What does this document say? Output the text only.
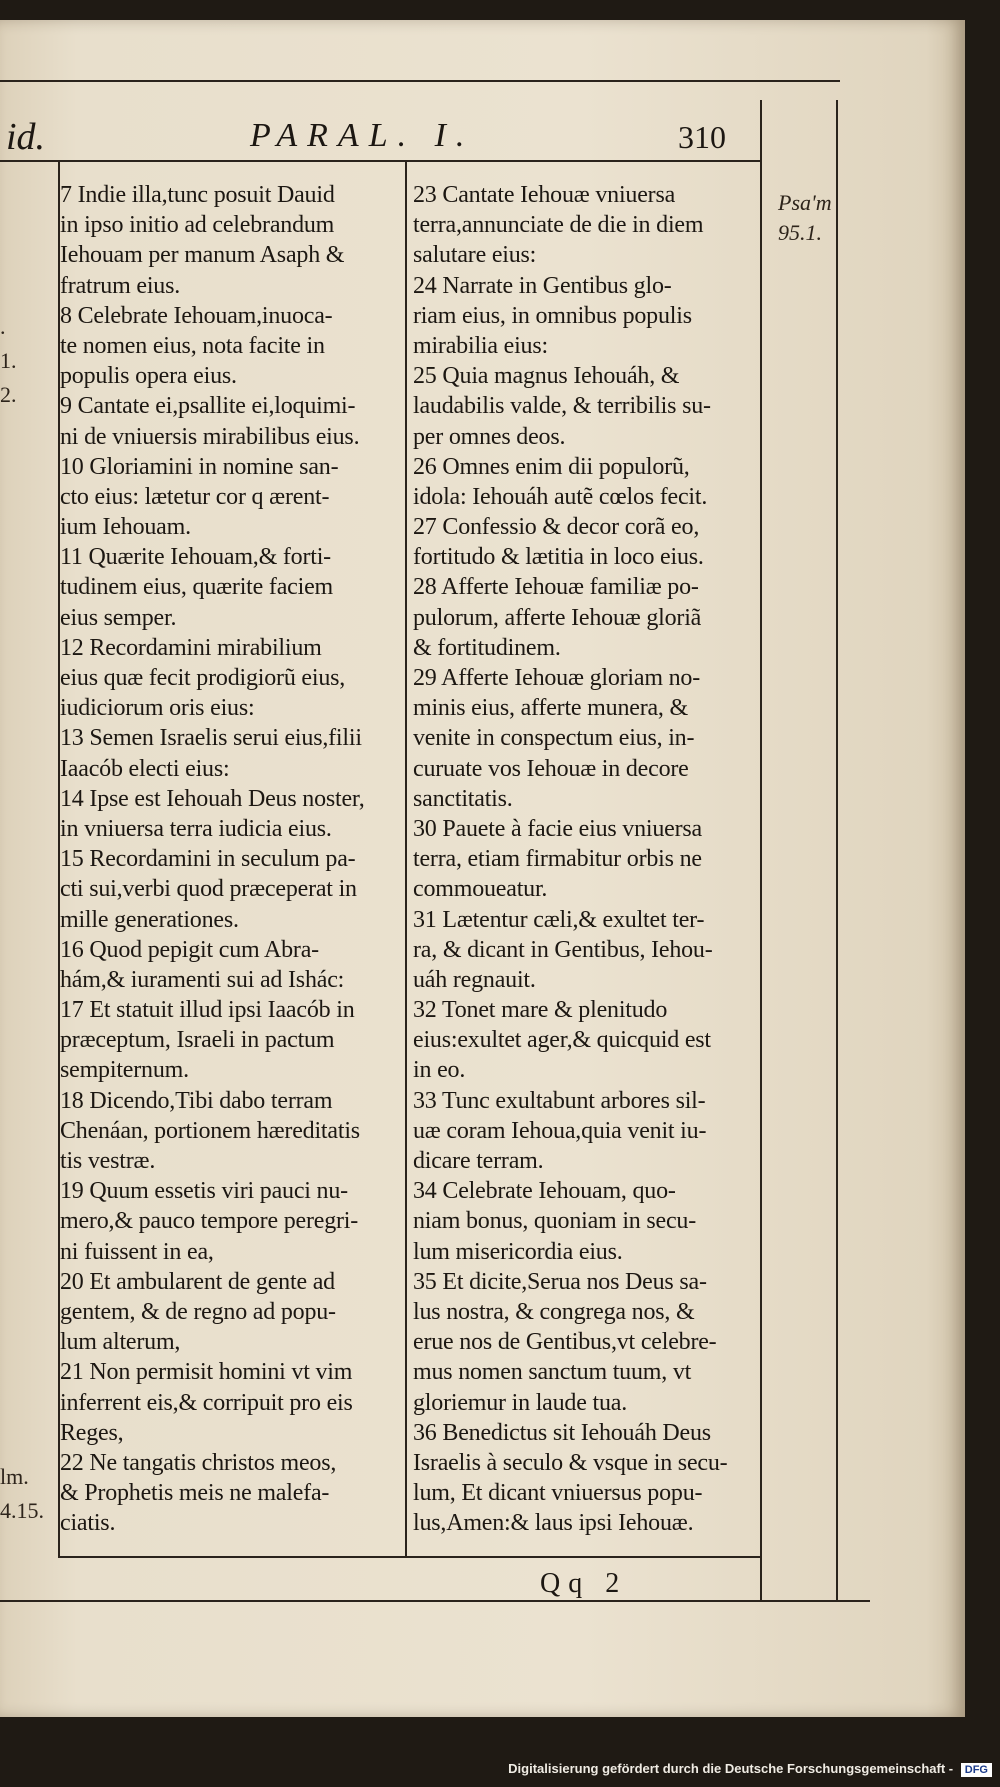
id.	PARAL. I.	310
7 Indie illa,tunc posuit Dauid
in ipso initio ad celebrandum
Iehouam per manum Asaph &
fratrum eius.
8 Celebrate Iehouam,inuoca-
te nomen eius, nota facite in
populis opera eius.
9 Cantate ei,psallite ei,loquimi-
ni de vniuersis mirabilibus eius.
10 Gloriamini in nomine san-
cto eius: lætetur cor q ærent-
ium Iehouam.
11 Quærite Iehouam,& forti-
tudinem eius, quærite faciem
eius semper.
12 Recordamini mirabilium
eius quæ fecit prodigiorũ eius,
iudiciorum oris eius:
13 Semen Israelis serui eius,filii
Iaacób electi eius:
14 Ipse est Iehouah Deus noster,
in vniuersa terra iudicia eius.
15 Recordamini in seculum pa-
cti sui,verbi quod præceperat in
mille generationes.
16 Quod pepigit cum Abra-
hám,& iuramenti sui ad Ishác:
17 Et statuit illud ipsi Iaacób in
præceptum, Israeli in pactum
sempiternum.
18 Dicendo,Tibi dabo terram
Chenáan, portionem hæreditatis
tis vestræ.
19 Quum essetis viri pauci nu-
mero,& pauco tempore peregri-
ni fuissent in ea,
20 Et ambularent de gente ad
gentem, & de regno ad popu-
lum alterum,
21 Non permisit homini vt vim
inferrent eis,& corripuit pro eis
Reges,
22 Ne tangatis christos meos,
& Prophetis meis ne malefa-
ciatis.
23 Cantate Iehouæ vniuersa
terra,annunciate de die in diem
salutare eius:
24 Narrate in Gentibus glo-
riam eius, in omnibus populis
mirabilia eius:
25 Quia magnus Iehouáh, &
laudabilis valde, & terribilis su-
per omnes deos.
26 Omnes enim dii populorũ,
idola: Iehouáh autẽ cœlos fecit.
27 Confessio & decor corã eo,
fortitudo & lætitia in loco eius.
28 Afferte Iehouæ familiæ po-
pulorum, afferte Iehouæ gloriã
& fortitudinem.
29 Afferte Iehouæ gloriam no-
minis eius, afferte munera, &
venite in conspectum eius, in-
curuate vos Iehouæ in decore
sanctitatis.
30 Pauete à facie eius vniuersa
terra, etiam firmabitur orbis ne
commoueatur.
31 Lætentur cæli,& exultet ter-
ra, & dicant in Gentibus, Iehou-
uáh regnauit.
32 Tonet mare & plenitudo
eius:exultet ager,& quicquid est
in eo.
33 Tunc exultabunt arbores sil-
uæ coram Iehoua,quia venit iu-
dicare terram.
34 Celebrate Iehouam, quo-
niam bonus, quoniam in secu-
lum misericordia eius.
35 Et dicite,Serua nos Deus sa-
lus nostra, & congrega nos, &
erue nos de Gentibus,vt celebre-
mus nomen sanctum tuum, vt
gloriemur in laude tua.
36 Benedictus sit Iehouáh Deus
Israelis à seculo & vsque in secu-
lum, Et dicant vniuersus popu-
lus,Amen:& laus ipsi Iehouæ.
Psa'm
95.1.
.
1.
2.
lm.
4.15.
Qq 2
Digitalisierung gefördert durch die Deutsche Forschungsgemeinschaft - DFG
